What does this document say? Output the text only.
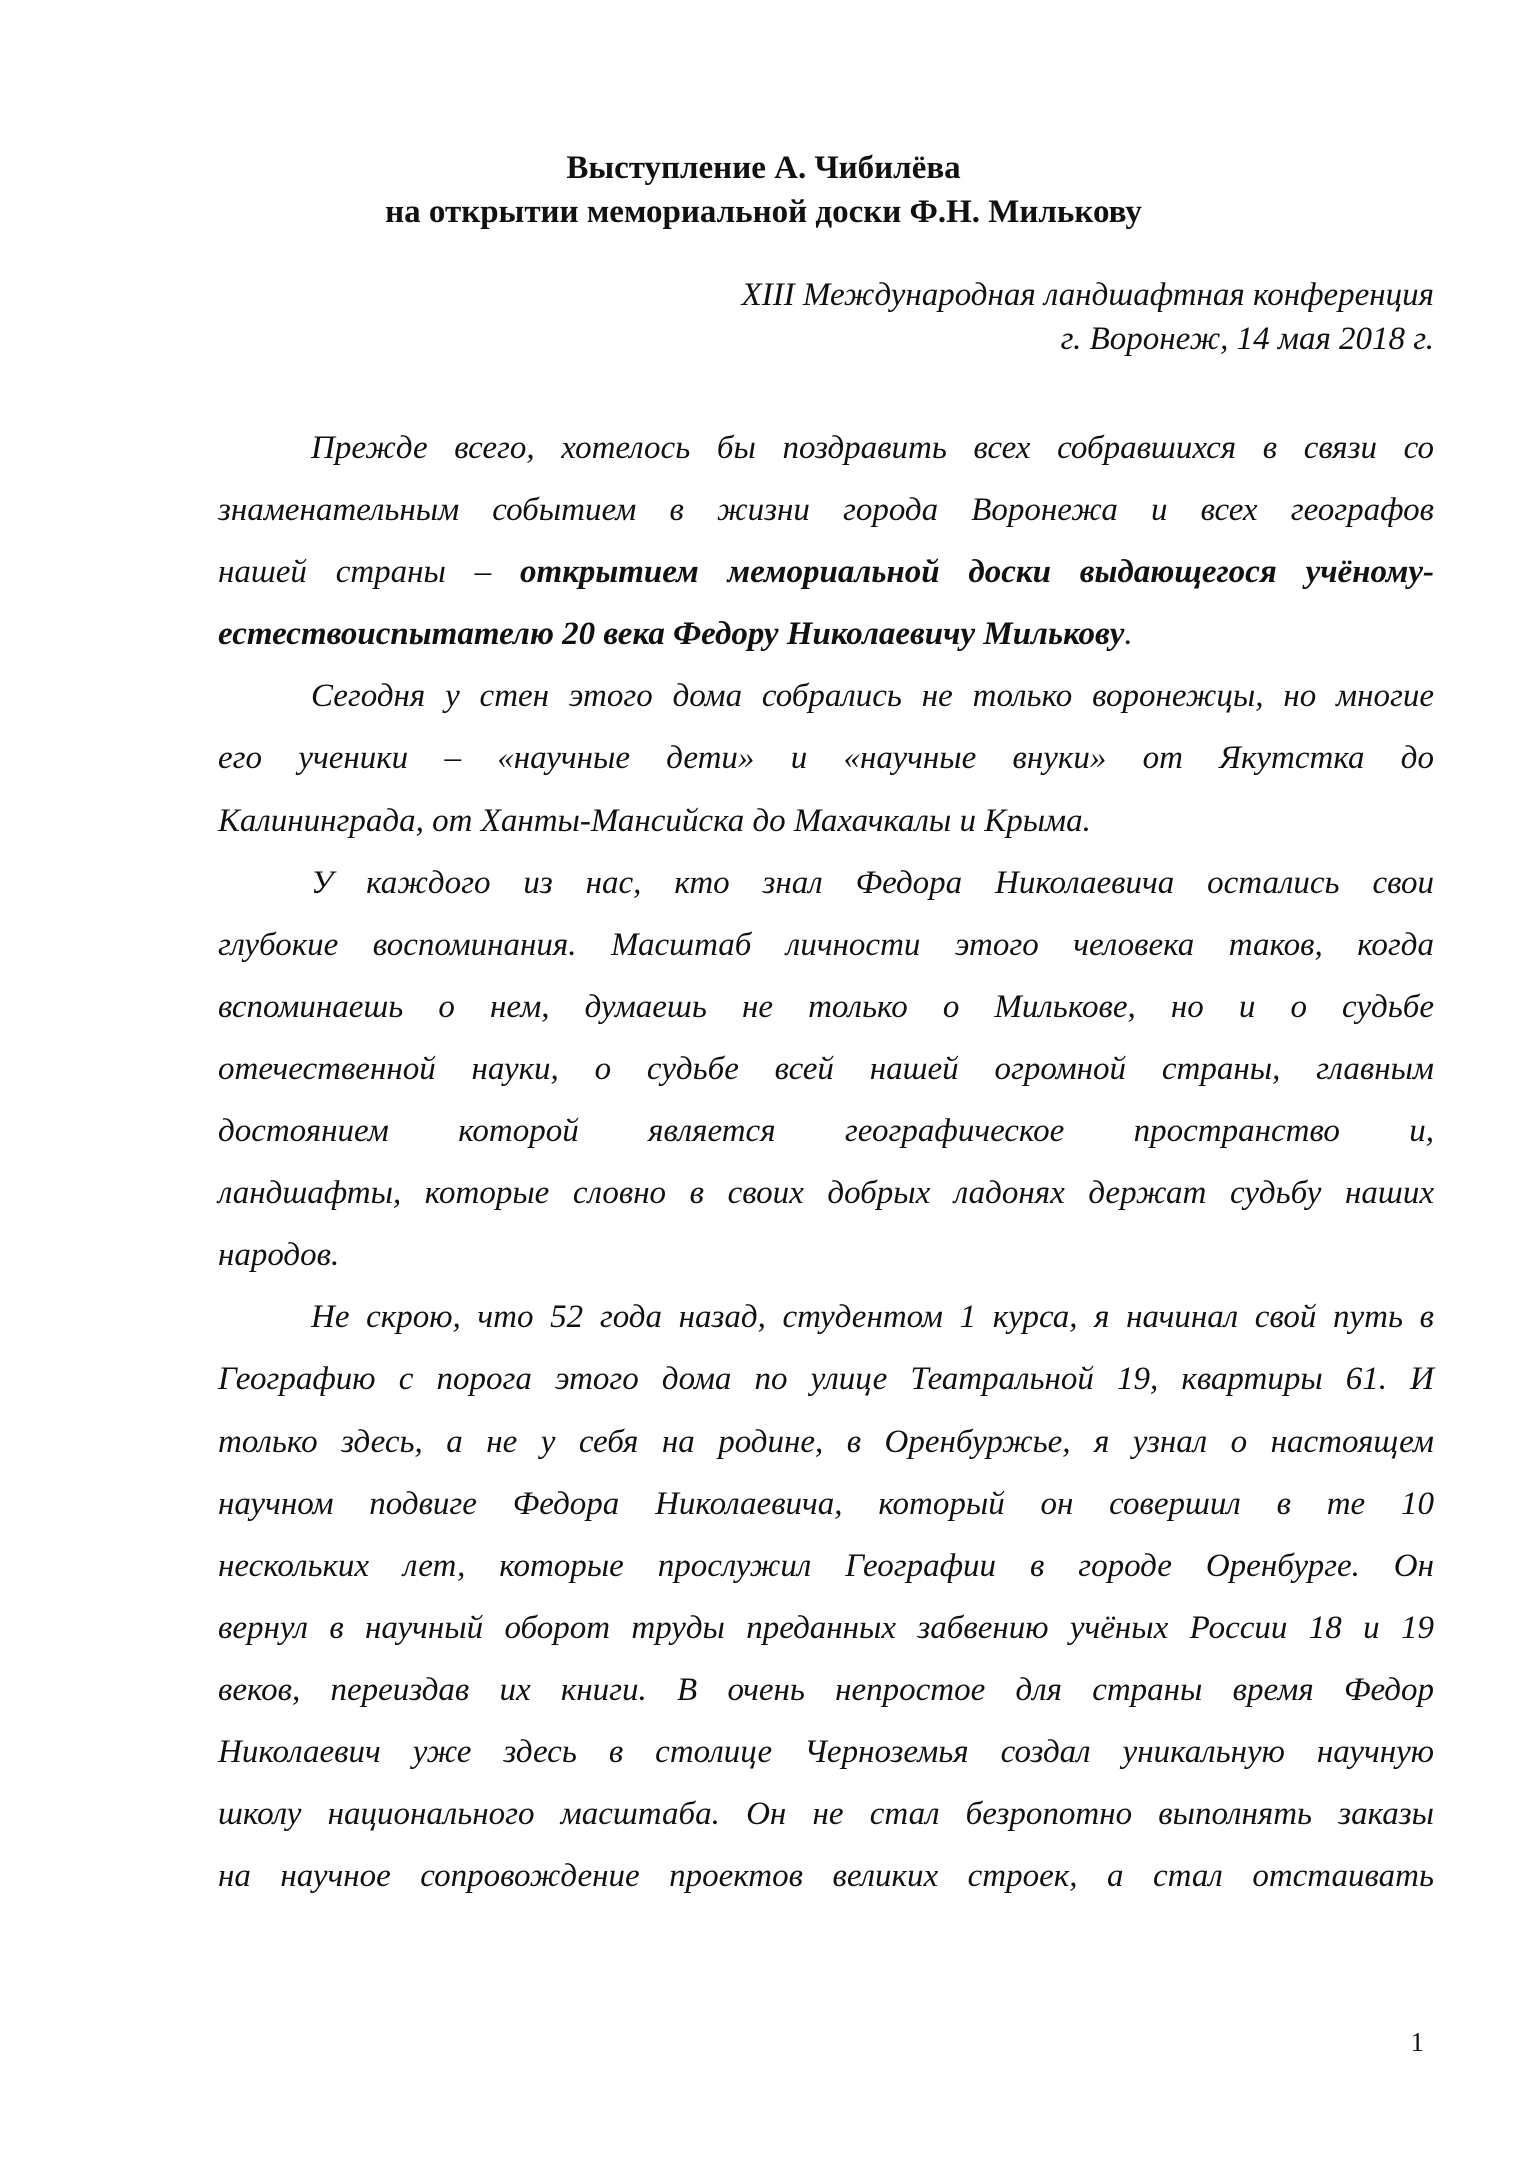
Выступление А. Чибилёва
на открытии мемориальной доски Ф.Н. Милькову
XIII Международная ландшафтная конференция
г. Воронеж, 14 мая 2018 г.
Прежде всего, хотелось бы поздравить всех собравшихся в связи со
знаменательным событием в жизни города Воронежа и всех географов
нашей страны – открытием мемориальной доски выдающегося учёному-
естествоиспытателю 20 века Федору Николаевичу Милькову.
Сегодня у стен этого дома собрались не только воронежцы, но многие
его ученики – «научные дети» и «научные внуки» от Якутстка до
Калининграда, от Ханты-Мансийска до Махачкалы и Крыма.
У каждого из нас, кто знал Федора Николаевича остались свои
глубокие воспоминания. Масштаб личности этого человека таков, когда
вспоминаешь о нем, думаешь не только о Милькове, но и о судьбе
отечественной науки, о судьбе всей нашей огромной страны, главным
достоянием которой является географическое пространство и,
ландшафты, которые словно в своих добрых ладонях держат судьбу наших
народов.
Не скрою, что 52 года назад, студентом 1 курса, я начинал свой путь в
Географию с порога этого дома по улице Театральной 19, квартиры 61. И
только здесь, а не у себя на родине, в Оренбуржье, я узнал о настоящем
научном подвиге Федора Николаевича, который он совершил в те 10
нескольких лет, которые прослужил Географии в городе Оренбурге. Он
вернул в научный оборот труды преданных забвению учёных России 18 и 19
веков, переиздав их книги. В очень непростое для страны время Федор
Николаевич уже здесь в столице Черноземья создал уникальную научную
школу национального масштаба. Он не стал безропотно выполнять заказы
на научное сопровождение проектов великих строек, а стал отстаивать
1
